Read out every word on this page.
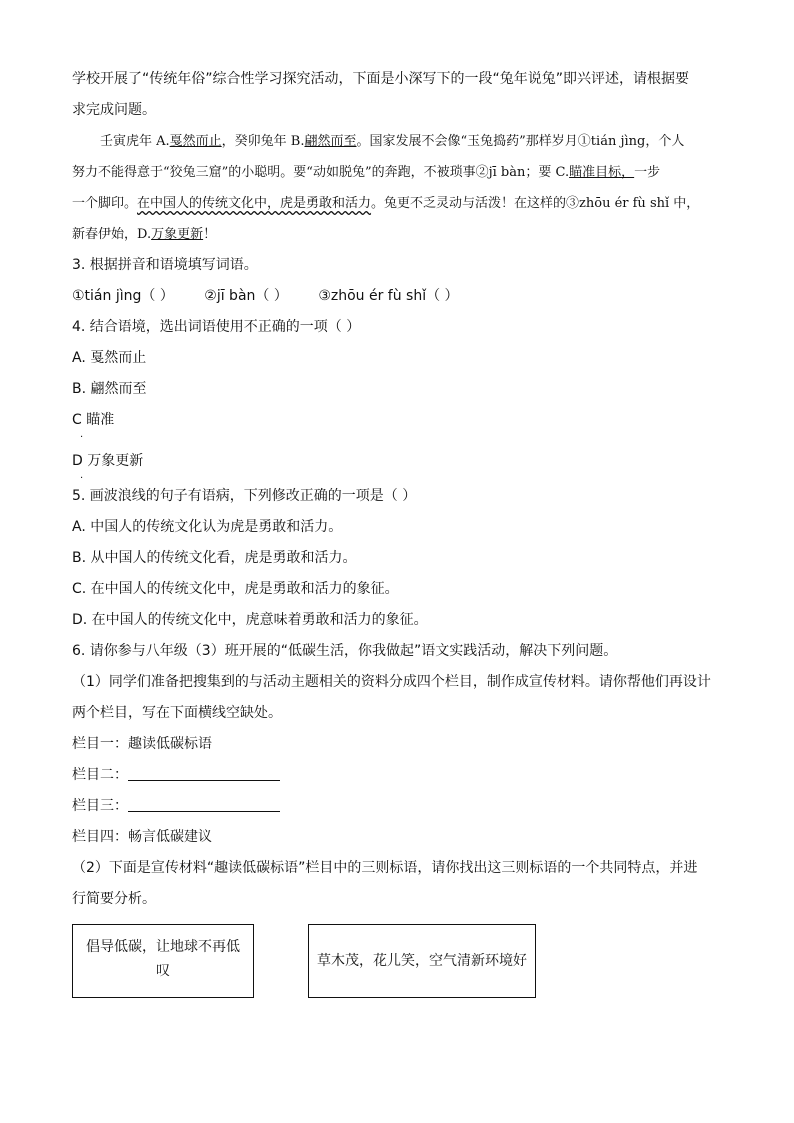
学校开展了“传统年俗”综合性学习探究活动，下面是小深写下的一段“兔年说兔”即兴评述，请根据要
求完成问题。
壬寅虎年 A.戛然而止，癸卯兔年 B.翩然而至。国家发展不会像“玉兔捣药”那样岁月①tián jìng，个人
努力不能得意于“狡兔三窟”的小聪明。要“动如脱兔”的奔跑，不被琐事②jī bàn；要 C.瞄准目标，一步
一个脚印。在中国人的传统文化中，虎是勇敢和活力。兔更不乏灵动与活泼！在这样的③zhōu ér fù shǐ 中，
新春伊始，D.万象更新！
3. 根据拼音和语境填写词语。
①tián jìng（ ） ②jī bàn（ ） ③zhōu ér fù shǐ（ ）
4. 结合语境，选出词语使用不正确的一项（ ）
A. 戛然而止
B. 翩然而至
C 瞄准
.
D 万象更新
.
5. 画波浪线的句子有语病，下列修改正确的一项是（ ）
A. 中国人的传统文化认为虎是勇敢和活力。
B. 从中国人的传统文化看，虎是勇敢和活力。
C. 在中国人的传统文化中，虎是勇敢和活力的象征。
D. 在中国人的传统文化中，虎意味着勇敢和活力的象征。
6. 请你参与八年级（3）班开展的“低碳生活，你我做起”语文实践活动，解决下列问题。
（1）同学们准备把搜集到的与活动主题相关的资料分成四个栏目，制作成宣传材料。请你帮他们再设计
两个栏目，写在下面横线空缺处。
栏目一：趣读低碳标语
栏目二：
栏目三：
栏目四：畅言低碳建议
（2）下面是宣传材料“趣读低碳标语”栏目中的三则标语，请你找出这三则标语的一个共同特点，并进
行简要分析。
倡导低碳，让地球不再低叹
草木茂，花儿笑，空气清新环境好
